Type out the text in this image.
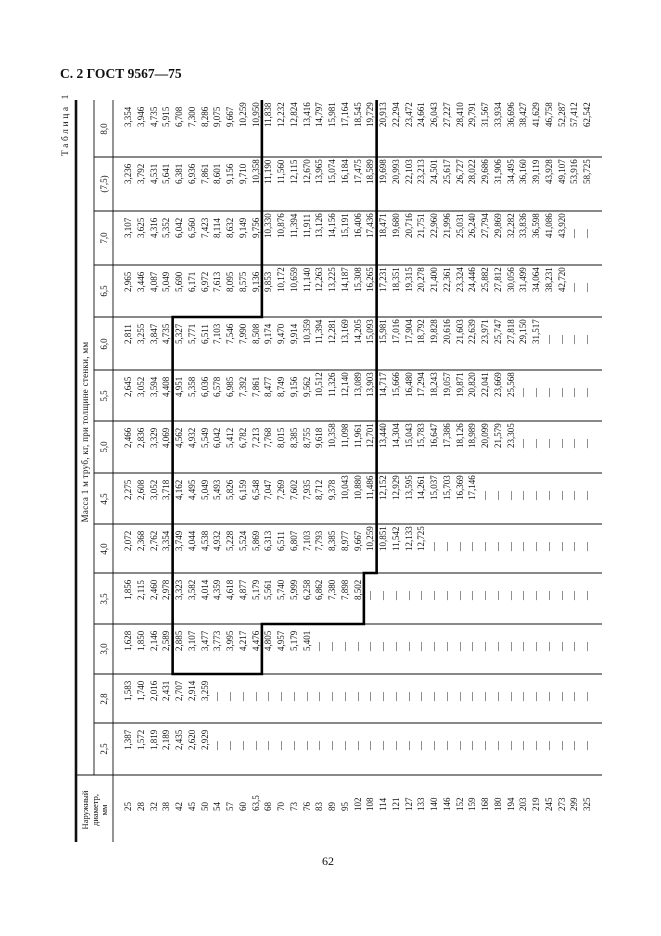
С. 2 ГОСТ 9567—75
Таблица 1
Масса 1 м труб, кг, при толщине стенки, мм
Наружный диаметр, мм
8,0
3,354 3,946 4,735 5,915 6,708 7,300 8,286 9,075 9,667 10,259 10,950 11,838 12,232 12,824 13,416 14,797 15,981 17,164 18,545 19,729 20,913 22,294 23,472 24,661 26,043 27,227 28,410 29,791 31,567 33,934 36,696 38,427 41,629 46,758 52,287 57,412 62,542
(7,5) 3,236 3,792 4,531 5,641 6,381 6,936 7,861 8,601 9,156 9,710 10,358 11,190 11,560 12,115 12,670 13,965 15,074 16,184 17,475 18,589 19,698 20,993 22,103 23,213 24,501 25,617 26,727 28,022 29,686 31,906 34,495 36,160 39,119 43,928 49,107 53,916 58,725
7,0 3,107 3,625 4,316 5,352 6,042 6,560 7,423 8,114 8,632 9,149 9,756 10,330 10,876 11,394 11,911 13,126 14,156 15,191 16,406 17,436 18,471 19,680 20,716 21,751 22,960 21,996 25,031 26,240 27,794 29,869 32,282 33,836 36,598 41,086 43,920 — —
6,5 2,965 3,446 4,087 5,049 5,690 6,171 6,972 7,613 8,095 8,575 9,136 9,853 10,172 10,659 11,140 12,263 13,225 14,187 15,308 16,265 17,231 18,351 19,315 20,278 21,400 22,361 23,324 24,446 25,882 27,812 30,056 31,499 34,064 38,231 42,720 — —
6,0 2,811 3,255 3,847 4,735 5,327 5,771 6,511 7,103 7,546 7,990 8,508 9,174 9,470 9,914 10,359 11,394 12,281 13,169 14,205 15,093 15,981 17,016 17,904 18,792 19,828 20,616 21,603 22,639 23,971 25,747 27,818 29,150 31,517 — — — —
5,5 2,645 3,052 3,594 4,408 4,951 5,358 6,036 6,578 6,985 7,392 7,861 8,477 8,749 9,156 9,562 10,512 11,326 12,140 13,089 13,903 14,717 15,666 16,480 17,294 18,243 19,057 19,871 20,820 22,041 23,669 25,568 — — — — — —
5,0 2,466 2,836 3,329 4,069 4,562 4,932 5,549 6,042 5,412 6,782 7,213 7,768 8,015 8,385 8,755 9,618 10,358 11,098 11,961 12,701 13,440 14,304 15,043 15,783 16,647 17,386 18,126 18,989 20,099 21,579 23,305 — — — — — —
4,5 2,275 2,608 3,052 3,718 4,162 4,495 5,049 5,493 5,826 6,159 6,548 7,047 7,269 7,602 7,935 8,712 9,378 10,043 10,880 11,486 12,152 12,929 13,595 14,261 15,037 15,703 16,369 17,146 — — — — — — — — —
4,0 2,072 2,368 2,762 3,354 3,749 4,044 4,538 4,932 5,228 5,524 5,869 6,313 6,511 6,807 7,103 7,793 8,385 8,977 9,667 10,259 10,851 11,542 12,133 12,725 — — — — — — — — — — — — —
3,5 1,856 2,115 2,460 2,978 3,323 3,582 4,014 4,359 4,618 4,877 5,179 5,561 5,740 5,999 6,258 6,862 7,380 7,898 8,502 — — — — — — — — — — — — — — — — — —
3,0 1,628 1,850 2,146 2,589 2,885 3,107 3,477 3,773 3,995 4,217 4,476 4,805 4,957 5,179 5,401 — — — — — — — — — — — — — — — — — — — — — —
2,8 1,583 1,740 2,016 2,431 2,707 2,914 3,259 — — — — — — — — — — — — — — — — — — — — — — — — — — — — — —
2,5 1,387 1,572 1,819 2,189 2,435 2,620 2,929 — — — — — — — — — — — — — — — — — — — — — — — — — — — — — —
25 28 32 38 42 45 50 54 57 60 63,5 68 70 73 76 83 89 95 102 108 114 121 127 133 140 146 152 159 168 180 194 203 219 245 273 299 325
62
